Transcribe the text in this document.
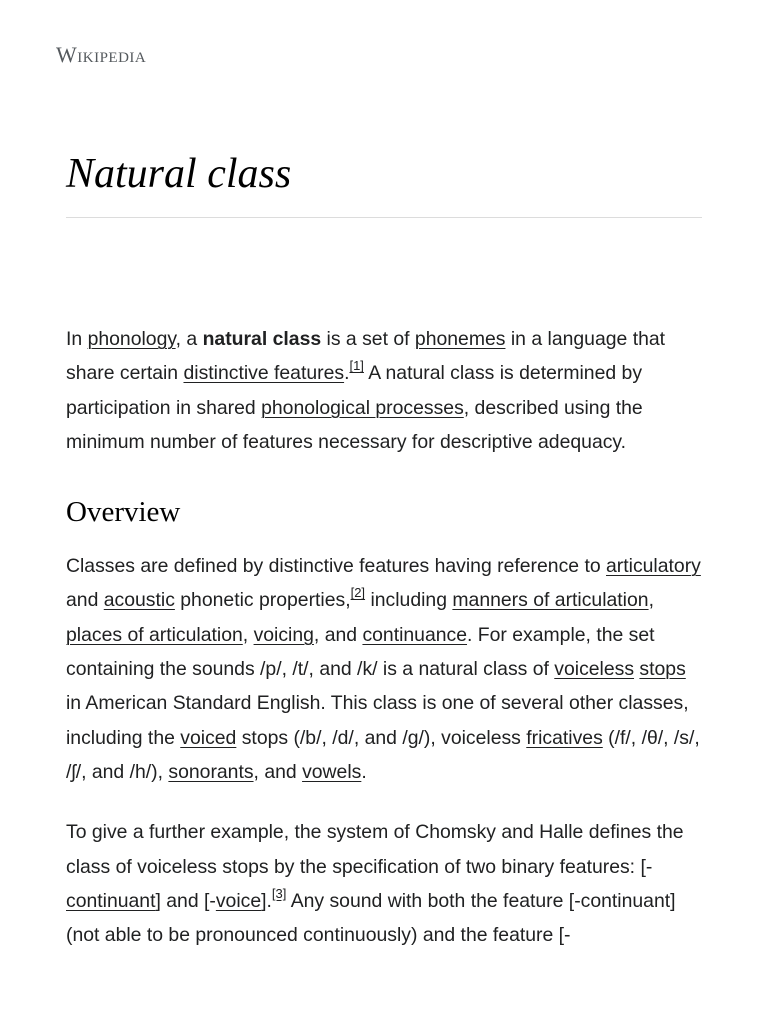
Wikipedia
Natural class

In phonology, a natural class is a set of phonemes in a language that share certain distinctive features.[1] A natural class is determined by participation in shared phonological processes, described using the minimum number of features necessary for descriptive adequacy.

Overview

Classes are defined by distinctive features having reference to articulatory and acoustic phonetic properties,[2] including manners of articulation, places of articulation, voicing, and continuance. For example, the set containing the sounds /p/, /t/, and /k/ is a natural class of voiceless stops in American Standard English. This class is one of several other classes, including the voiced stops (/b/, /d/, and /g/), voiceless fricatives (/f/, /θ/, /s/, /ʃ/, and /h/), sonorants, and vowels.

To give a further example, the system of Chomsky and Halle defines the class of voiceless stops by the specification of two binary features: [-continuant] and [-voice].[3] Any sound with both the feature [-continuant] (not able to be pronounced continuously) and the feature [-
